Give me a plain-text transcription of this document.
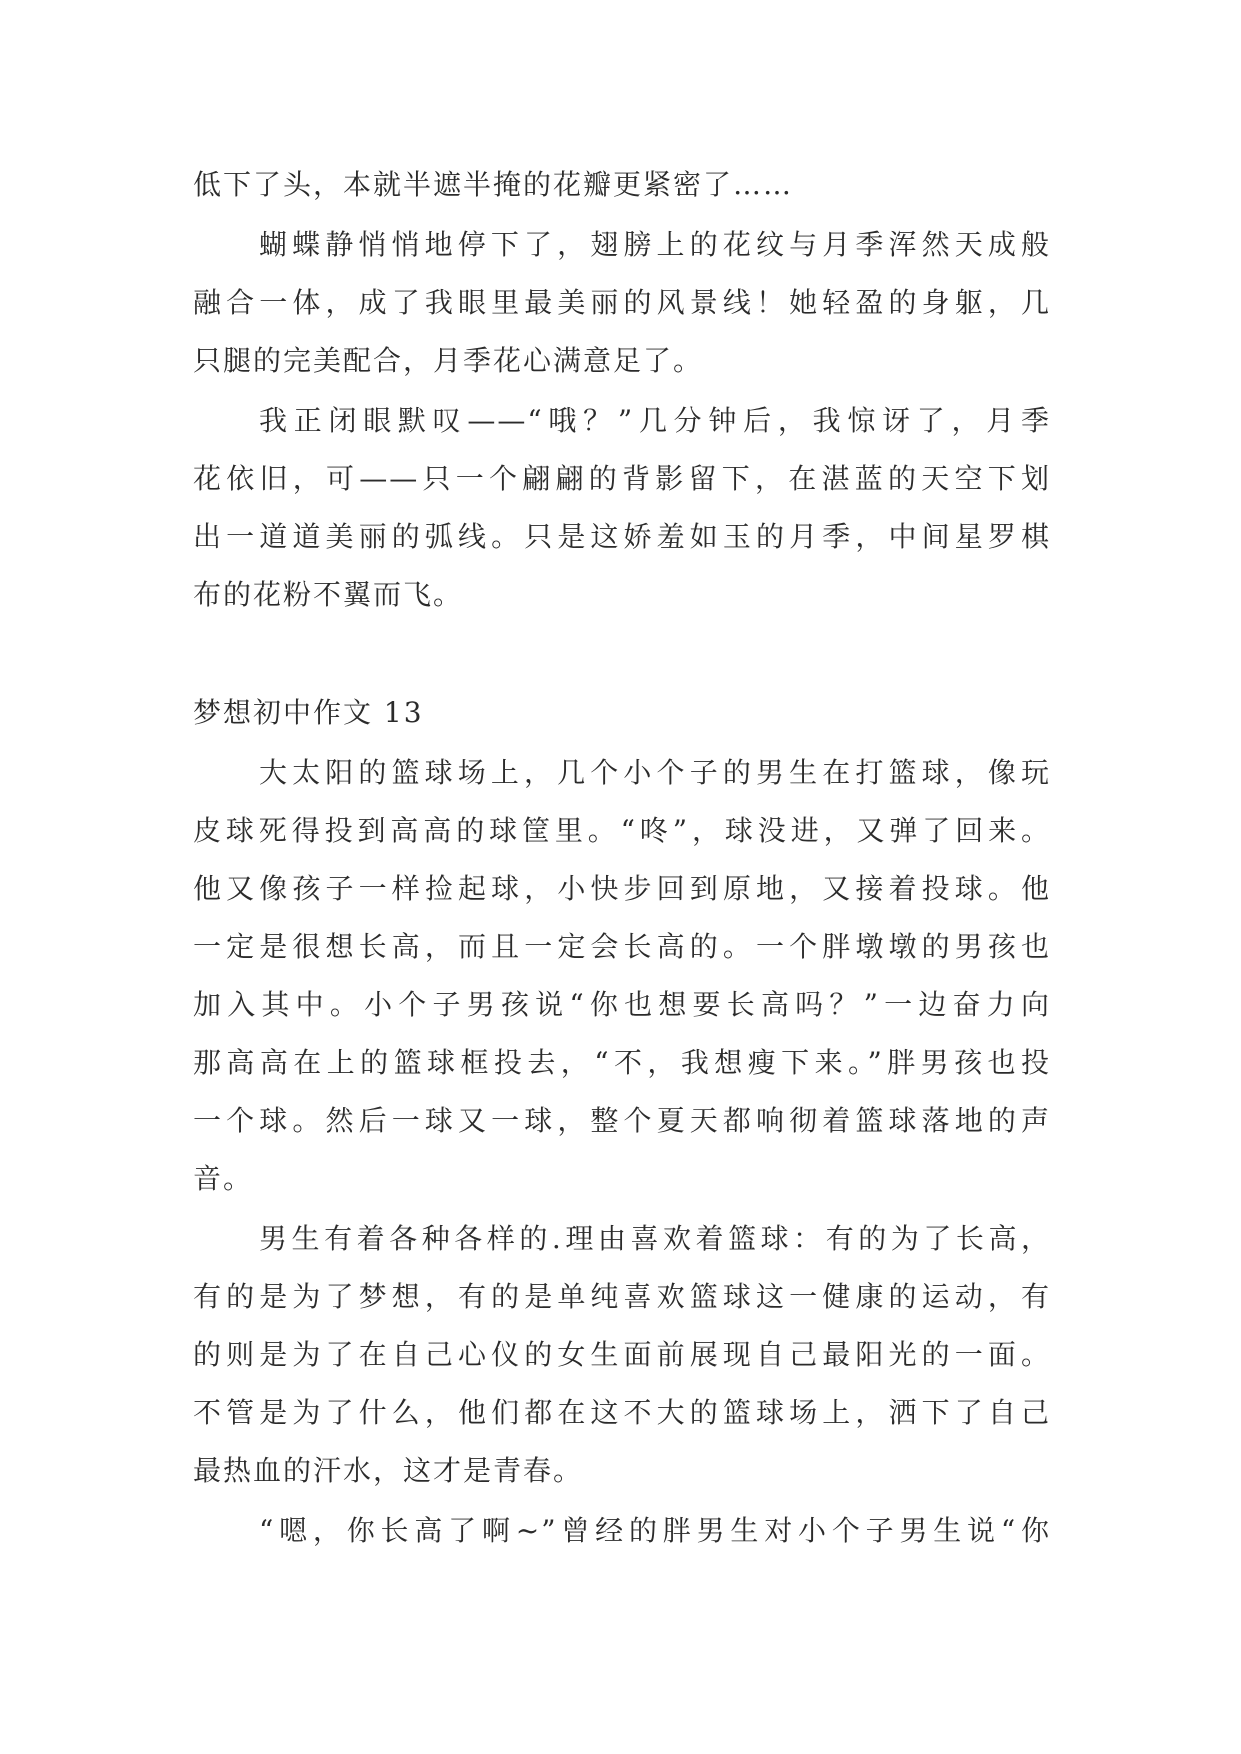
低下了头，本就半遮半掩的花瓣更紧密了……
蝴蝶静悄悄地停下了，翅膀上的花纹与月季浑然天成般
融合一体，成了我眼里最美丽的风景线！她轻盈的身躯，几
只腿的完美配合，月季花心满意足了。
我正闭眼默叹——“哦？”几分钟后，我惊讶了，月季
花依旧，可——只一个翩翩的背影留下，在湛蓝的天空下划
出一道道美丽的弧线。只是这娇羞如玉的月季，中间星罗棋
布的花粉不翼而飞。
梦想初中作文 13
大太阳的篮球场上，几个小个子的男生在打篮球，像玩
皮球死得投到高高的球筐里。“咚”，球没进，又弹了回来。
他又像孩子一样捡起球，小快步回到原地，又接着投球。他
一定是很想长高，而且一定会长高的。一个胖墩墩的男孩也
加入其中。小个子男孩说“你也想要长高吗？”一边奋力向
那高高在上的篮球框投去，“不，我想瘦下来。”胖男孩也投
一个球。然后一球又一球，整个夏天都响彻着篮球落地的声
音。
男生有着各种各样的.理由喜欢着篮球：有的为了长高，
有的是为了梦想，有的是单纯喜欢篮球这一健康的运动，有
的则是为了在自己心仪的女生面前展现自己最阳光的一面。
不管是为了什么，他们都在这不大的篮球场上，洒下了自己
最热血的汗水，这才是青春。
“嗯，你长高了啊~”曾经的胖男生对小个子男生说“你
